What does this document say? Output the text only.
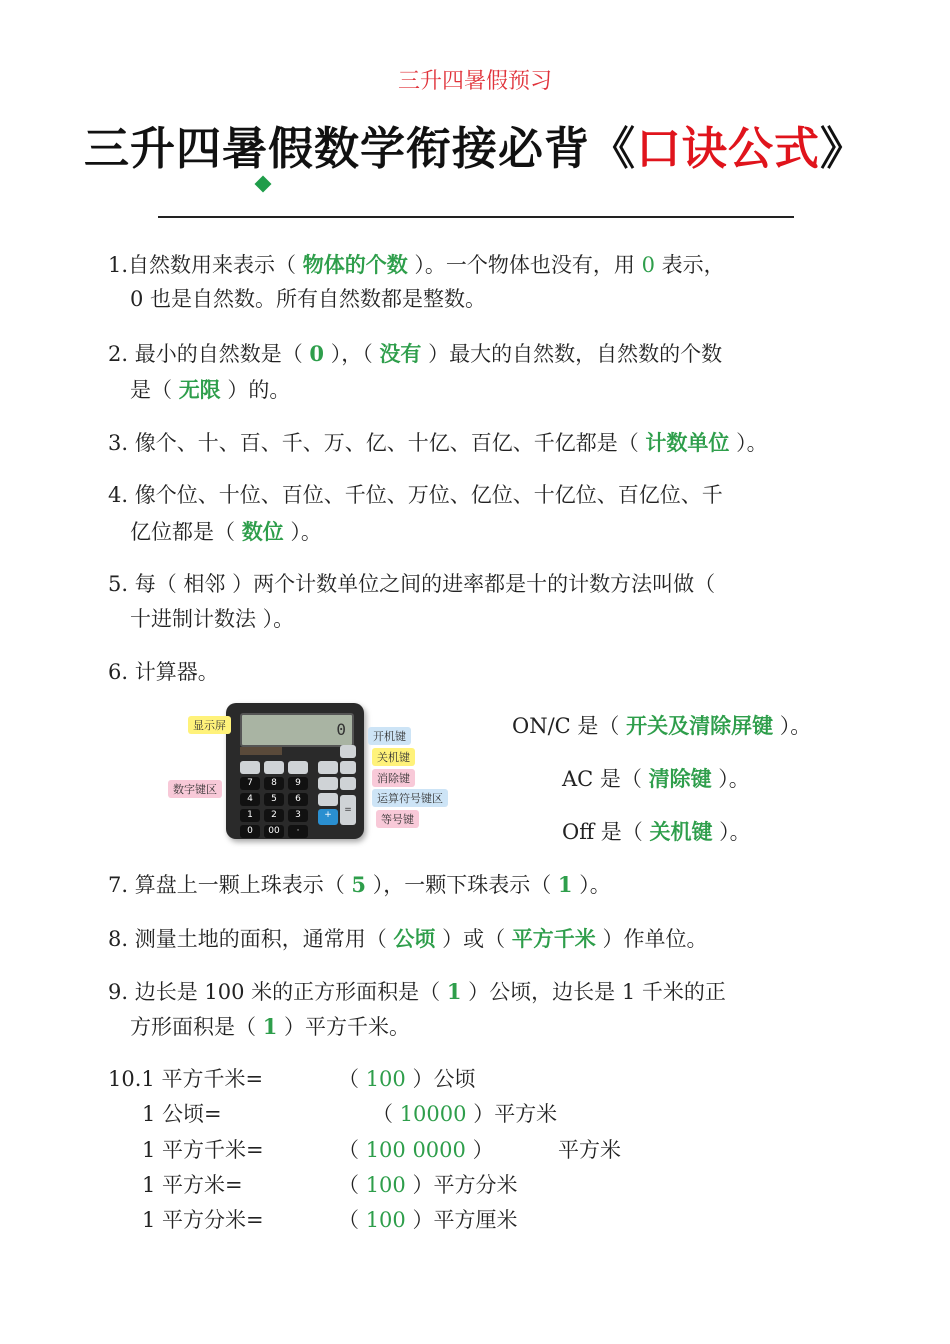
三升四暑假预习
三升四暑假数学衔接必背《口诀公式》
1.自然数用来表示（ 物体的个数 ）。一个物体也没有，用 0 表示，
0 也是自然数。所有自然数都是整数。
2. 最小的自然数是（ 0 ），（ 没有 ）最大的自然数，自然数的个数
是（ 无限 ）的。
3. 像个、十、百、千、万、亿、十亿、百亿、千亿都是（ 计数单位 ）。
4. 像个位、十位、百位、千位、万位、亿位、十亿位、百亿位、千
亿位都是（ 数位 ）。
5. 每（ 相邻 ）两个计数单位之间的进率都是十的计数方法叫做（
十进制计数法 ）。
6. 计算器。
0
7	8	9
4	5	6
1	2	3	+	=
0	00	·
显示屏
数字键区
开机键
关机键
消除键
运算符号键区
等号键
ON/C 是（ 开关及清除屏键 ）。
AC 是（ 清除键 ）。
Off 是（ 关机键 ）。
7. 算盘上一颗上珠表示（ 5 ），一颗下珠表示（ 1 ）。
8. 测量土地的面积，通常用（ 公顷 ）或（ 平方千米 ）作单位。
9. 边长是 100 米的正方形面积是（ 1 ）公顷，边长是 1 千米的正
方形面积是（ 1 ）平方千米。
10.1 平方千米=	（ 100 ）公顷
1 公顷=	（ 10000 ）平方米
1 平方千米=	（ 100 0000 ）	平方米
1 平方米=	（ 100 ）平方分米
1 平方分米=	（ 100 ）平方厘米
